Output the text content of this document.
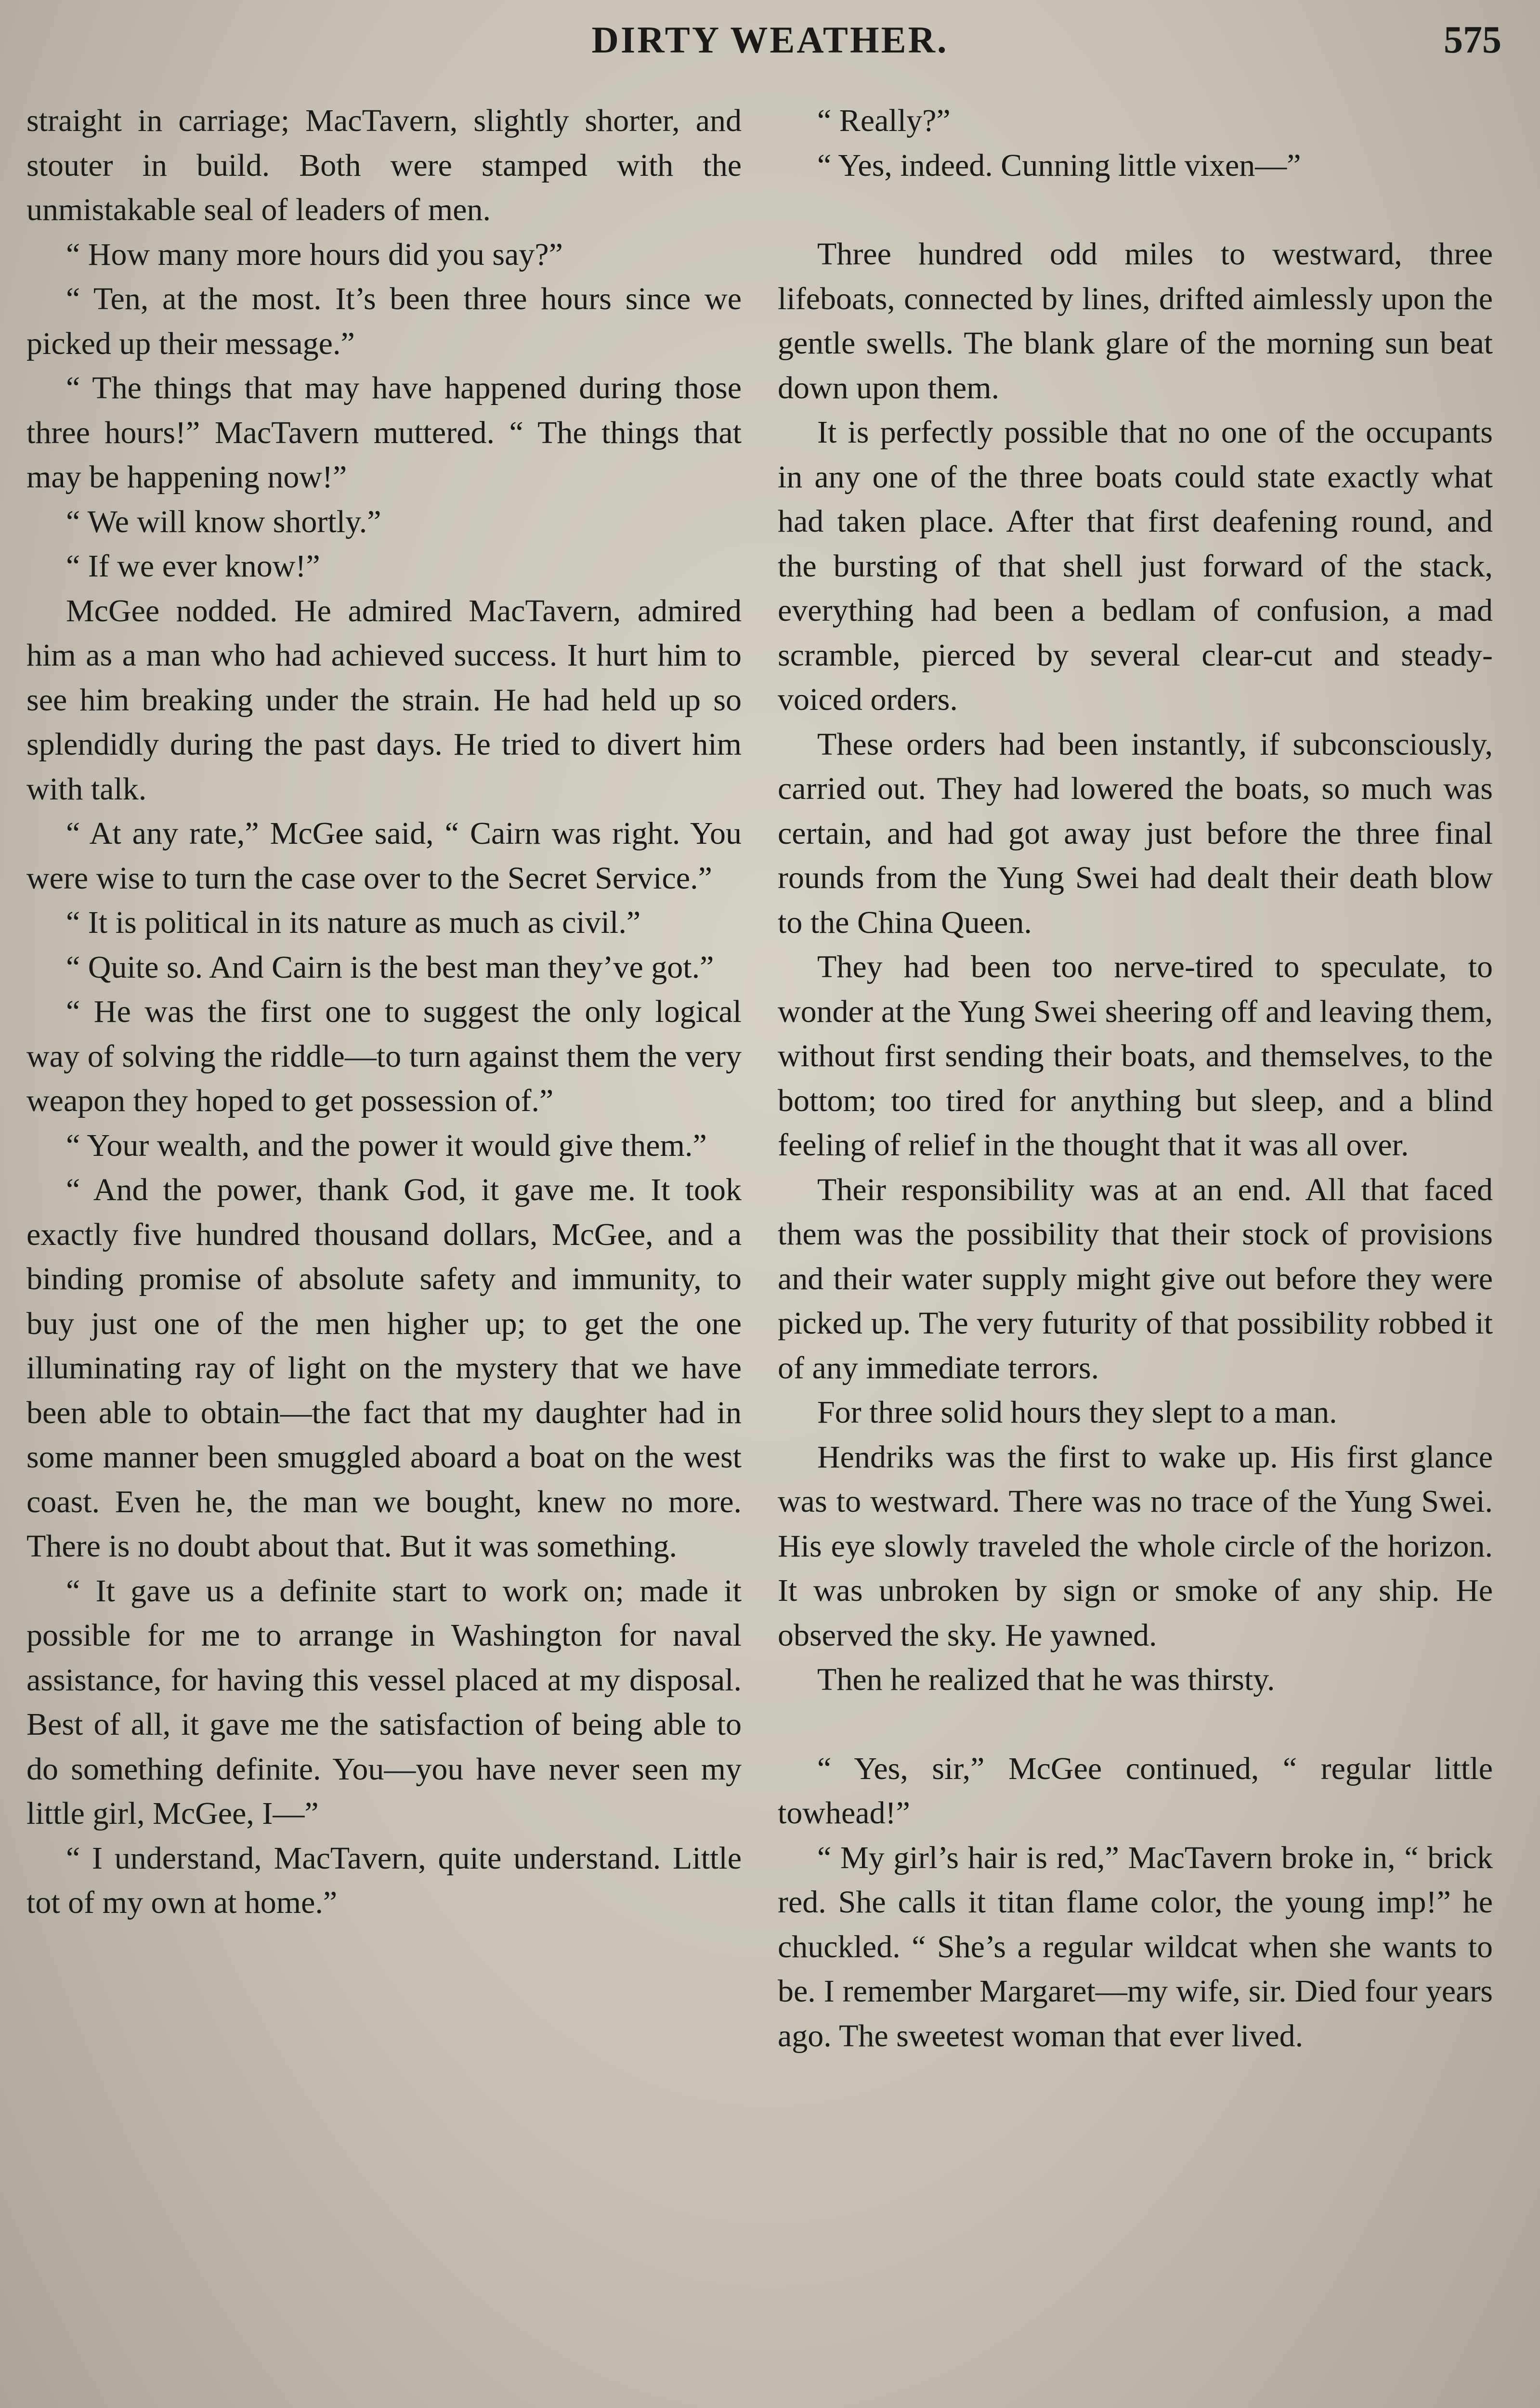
DIRTY WEATHER.	575

straight in carriage; MacTavern, slightly shorter, and stouter in build. Both were stamped with the unmistakable seal of leaders of men.

“ How many more hours did you say?”

“ Ten, at the most. It’s been three hours since we picked up their message.”

“ The things that may have happened during those three hours!” MacTavern muttered. “ The things that may be happening now!”

“ We will know shortly.”

“ If we ever know!”

McGee nodded. He admired MacTavern, admired him as a man who had achieved success. It hurt him to see him breaking under the strain. He had held up so splendidly during the past days. He tried to divert him with talk.

“ At any rate,” McGee said, “ Cairn was right. You were wise to turn the case over to the Secret Service.”

“ It is political in its nature as much as civil.”

“ Quite so. And Cairn is the best man they’ve got.”

“ He was the first one to suggest the only logical way of solving the riddle—to turn against them the very weapon they hoped to get possession of.”

“ Your wealth, and the power it would give them.”

“ And the power, thank God, it gave me. It took exactly five hundred thousand dollars, McGee, and a binding promise of absolute safety and immunity, to buy just one of the men higher up; to get the one illuminating ray of light on the mystery that we have been able to obtain—the fact that my daughter had in some manner been smuggled aboard a boat on the west coast. Even he, the man we bought, knew no more. There is no doubt about that. But it was something.

“ It gave us a definite start to work on; made it possible for me to arrange in Washington for naval assistance, for having this vessel placed at my disposal. Best of all, it gave me the satisfaction of being able to do something definite. You—you have never seen my little girl, McGee, I—”

“ I understand, MacTavern, quite understand. Little tot of my own at home.”

“ Really?”

“ Yes, indeed. Cunning little vixen—”

Three hundred odd miles to westward, three lifeboats, connected by lines, drifted aimlessly upon the gentle swells. The blank glare of the morning sun beat down upon them.

It is perfectly possible that no one of the occupants in any one of the three boats could state exactly what had taken place. After that first deafening round, and the bursting of that shell just forward of the stack, everything had been a bedlam of confusion, a mad scramble, pierced by several clear-cut and steady-voiced orders.

These orders had been instantly, if subconsciously, carried out. They had lowered the boats, so much was certain, and had got away just before the three final rounds from the Yung Swei had dealt their death blow to the China Queen.

They had been too nerve-tired to speculate, to wonder at the Yung Swei sheering off and leaving them, without first sending their boats, and themselves, to the bottom; too tired for anything but sleep, and a blind feeling of relief in the thought that it was all over.

Their responsibility was at an end. All that faced them was the possibility that their stock of provisions and their water supply might give out before they were picked up. The very futurity of that possibility robbed it of any immediate terrors.

For three solid hours they slept to a man.

Hendriks was the first to wake up. His first glance was to westward. There was no trace of the Yung Swei. His eye slowly traveled the whole circle of the horizon. It was unbroken by sign or smoke of any ship. He observed the sky. He yawned.

Then he realized that he was thirsty.

“ Yes, sir,” McGee continued, “ regular little towhead!”

“ My girl’s hair is red,” MacTavern broke in, “ brick red. She calls it titan flame color, the young imp!” he chuckled. “ She’s a regular wildcat when she wants to be. I remember Margaret—my wife, sir. Died four years ago. The sweetest woman that ever lived.
